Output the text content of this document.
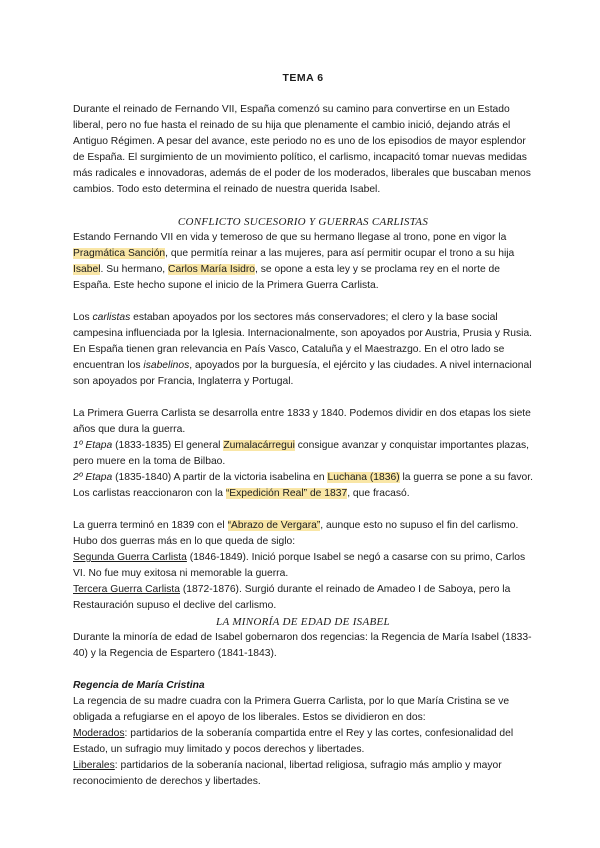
TEMA 6

Durante el reinado de Fernando VII, España comenzó su camino para convertirse en un Estado liberal, pero no fue hasta el reinado de su hija que plenamente el cambio inició, dejando atrás el Antiguo Régimen. A pesar del avance, este periodo no es uno de los episodios de mayor esplendor de España. El surgimiento de un movimiento político, el carlismo, incapacitó tomar nuevas medidas más radicales e innovadoras, además de el poder de los moderados, liberales que buscaban menos cambios. Todo esto determina el reinado de nuestra querida Isabel.

CONFLICTO SUCESORIO Y GUERRAS CARLISTAS

Estando Fernando VII en vida y temeroso de que su hermano llegase al trono, pone en vigor la Pragmática Sanción, que permitía reinar a las mujeres, para así permitir ocupar el trono a su hija Isabel. Su hermano, Carlos María Isidro, se opone a esta ley y se proclama rey en el norte de España. Este hecho supone el inicio de la Primera Guerra Carlista.

Los carlistas estaban apoyados por los sectores más conservadores; el clero y la base social campesina influenciada por la Iglesia. Internacionalmente, son apoyados por Austria, Prusia y Rusia. En España tienen gran relevancia en País Vasco, Cataluña y el Maestrazgo. En el otro lado se encuentran los isabelinos, apoyados por la burguesía, el ejército y las ciudades. A nivel internacional son apoyados por Francia, Inglaterra y Portugal.

La Primera Guerra Carlista se desarrolla entre 1833 y 1840. Podemos dividir en dos etapas los siete años que dura la guerra.

1º Etapa (1833-1835) El general Zumalacárregui consigue avanzar y conquistar importantes plazas, pero muere en la toma de Bilbao.

2º Etapa (1835-1840) A partir de la victoria isabelina en Luchana (1836) la guerra se pone a su favor. Los carlistas reaccionaron con la “Expedición Real” de 1837, que fracasó.

La guerra terminó en 1839 con el “Abrazo de Vergara”, aunque esto no supuso el fin del carlismo. Hubo dos guerras más en lo que queda de siglo:

Segunda Guerra Carlista (1846-1849). Inició porque Isabel se negó a casarse con su primo, Carlos VI. No fue muy exitosa ni memorable la guerra.

Tercera Guerra Carlista (1872-1876). Surgió durante el reinado de Amadeo I de Saboya, pero la Restauración supuso el declive del carlismo.

LA MINORÍA DE EDAD DE ISABEL

Durante la minoría de edad de Isabel gobernaron dos regencias: la Regencia de María Isabel (1833-40) y la Regencia de Espartero (1841-1843).

Regencia de María Cristina

La regencia de su madre cuadra con la Primera Guerra Carlista, por lo que María Cristina se ve obligada a refugiarse en el apoyo de los liberales. Estos se dividieron en dos:

Moderados: partidarios de la soberanía compartida entre el Rey y las cortes, confesionalidad del Estado, un sufragio muy limitado y pocos derechos y libertades.

Liberales: partidarios de la soberanía nacional, libertad religiosa, sufragio más amplio y mayor reconocimiento de derechos y libertades.
